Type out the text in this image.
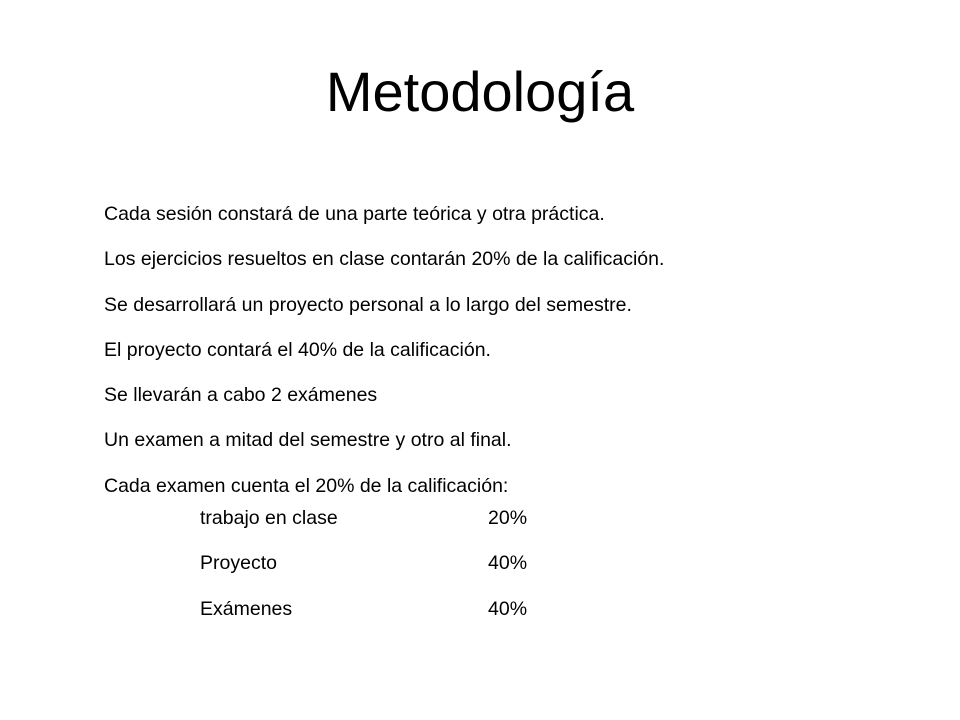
Metodología
Cada sesión constará de una parte teórica y otra práctica.
Los ejercicios resueltos en clase contarán 20% de la calificación.
Se desarrollará un proyecto personal a lo largo del semestre.
El proyecto contará el 40% de la calificación.
Se llevarán a cabo 2 exámenes
Un examen a mitad del semestre y otro al final.
Cada examen cuenta el 20% de la calificación:
trabajo en clase	20%
Proyecto	40%
Exámenes	40%
